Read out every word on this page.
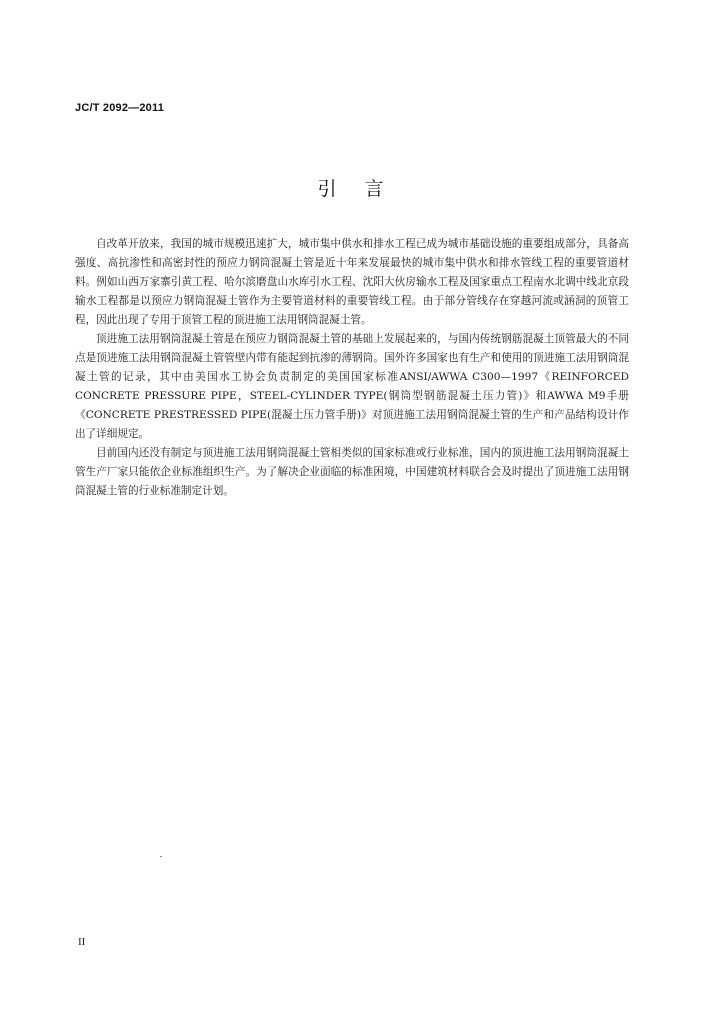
JC/T 2092—2011
引言

自改革开放来，我国的城市规模迅速扩大，城市集中供水和排水工程已成为城市基础设施的重要组成部分，具备高强度、高抗渗性和高密封性的预应力钢筒混凝土管是近十年来发展最快的城市集中供水和排水管线工程的重要管道材料。例如山西万家寨引黄工程、哈尔滨磨盘山水库引水工程、沈阳大伙房输水工程及国家重点工程南水北调中线北京段输水工程都是以预应力钢筒混凝土管作为主要管道材料的重要管线工程。由于部分管线存在穿越河流或涵洞的顶管工程，因此出现了专用于顶管工程的顶进施工法用钢筒混凝土管。

顶进施工法用钢筒混凝土管是在预应力钢筒混凝土管的基础上发展起来的，与国内传统钢筋混凝土顶管最大的不同点是顶进施工法用钢筒混凝土管管壁内带有能起到抗渗的薄钢筒。国外许多国家也有生产和使用的顶进施工法用钢筒混凝土管的记录，其中由美国水工协会负责制定的美国国家标准ANSI/AWWA C300—1997《REINFORCED CONCRETE PRESSURE PIPE，STEEL-CYLINDER TYPE(钢筒型钢筋混凝土压力管)》和AWWA M9手册《CONCRETE PRESTRESSED PIPE(混凝土压力管手册)》对顶进施工法用钢筒混凝土管的生产和产品结构设计作出了详细规定。

目前国内还没有制定与顶进施工法用钢筒混凝土管相类似的国家标准或行业标准，国内的顶进施工法用钢筒混凝土管生产厂家只能依企业标准组织生产。为了解决企业面临的标准困境，中国建筑材料联合会及时提出了顶进施工法用钢筒混凝土管的行业标准制定计划。

II
